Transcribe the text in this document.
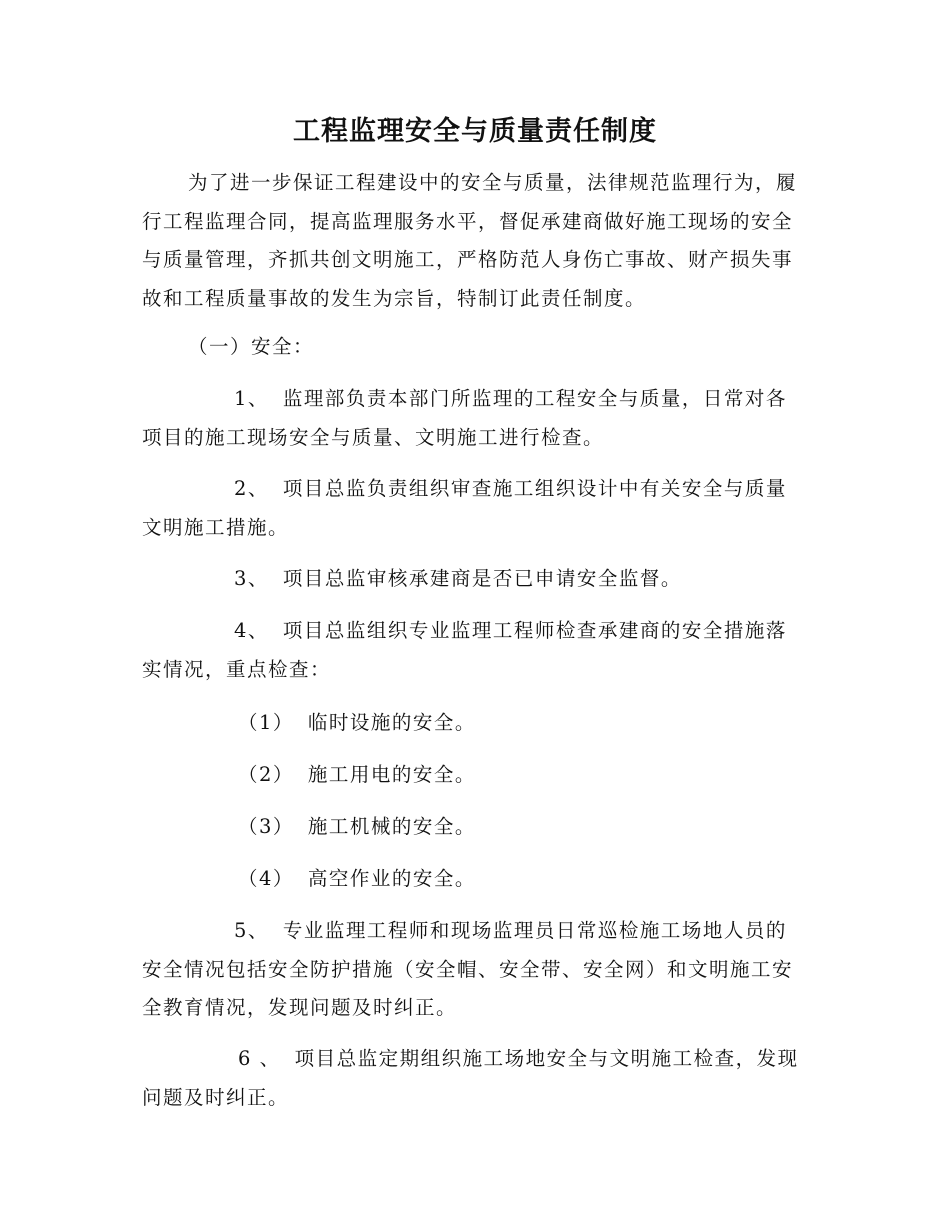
工程监理安全与质量责任制度

为了进一步保证工程建设中的安全与质量，法律规范监理行为，履行工程监理合同，提高监理服务水平，督促承建商做好施工现场的安全与质量管理，齐抓共创文明施工，严格防范人身伤亡事故、财产损失事故和工程质量事故的发生为宗旨，特制订此责任制度。

（一）安全：

1、 监理部负责本部门所监理的工程安全与质量，日常对各项目的施工现场安全与质量、文明施工进行检查。

2、 项目总监负责组织审查施工组织设计中有关安全与质量文明施工措施。

3、 项目总监审核承建商是否已申请安全监督。

4、 项目总监组织专业监理工程师检查承建商的安全措施落实情况，重点检查：

（1） 临时设施的安全。

（2） 施工用电的安全。

（3） 施工机械的安全。

（4） 高空作业的安全。

5、 专业监理工程师和现场监理员日常巡检施工场地人员的安全情况包括安全防护措施（安全帽、安全带、安全网）和文明施工安全教育情况，发现问题及时纠正。

6 、 项目总监定期组织施工场地安全与文明施工检查，发现问题及时纠正。
